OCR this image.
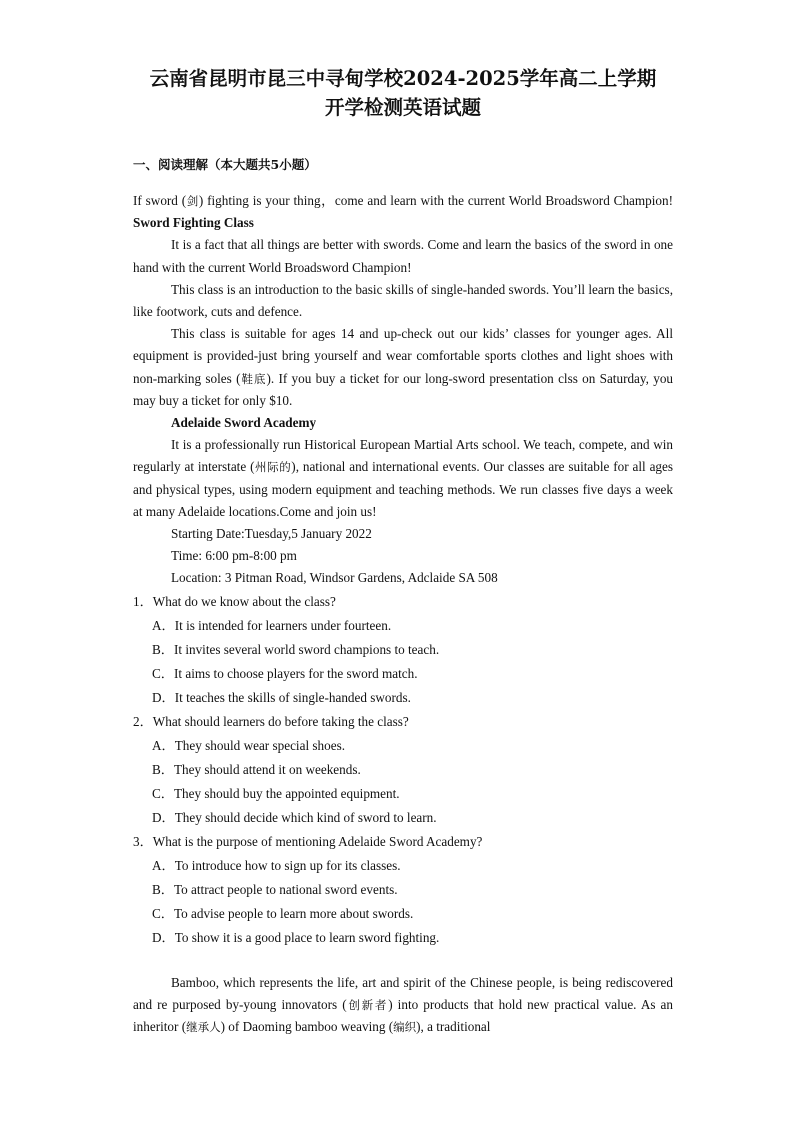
云南省昆明市昆三中寻甸学校2024-2025学年高二上学期
开学检测英语试题
一、阅读理解（本大题共5小题）

If sword (剑) fighting is your thing，come and learn with the current World Broadsword Champion! Sword Fighting Class

It is a fact that all things are better with swords. Come and learn the basics of the sword in one hand with the current World Broadsword Champion!

This class is an introduction to the basic skills of single-handed swords. You’ll learn the basics, like footwork, cuts and defence.

This class is suitable for ages 14 and up-check out our kids’ classes for younger ages. All equipment is provided-just bring yourself and wear comfortable sports clothes and light shoes with non-marking soles (鞋底). If you buy a ticket for our long-sword presentation clss on Saturday, you may buy a ticket for only $10.

Adelaide Sword Academy

It is a professionally run Historical European Martial Arts school. We teach, compete, and win regularly at interstate (州际的), national and international events. Our classes are suitable for all ages and physical types, using modern equipment and teaching methods. We run classes five days a week at many Adelaide locations.Come and join us!

Starting Date:Tuesday,5 January 2022

Time: 6:00 pm-8:00 pm

Location: 3 Pitman Road, Windsor Gardens, Adclaide SA 508

1．What do we know about the class?

A．It is intended for learners under fourteen.

B．It invites several world sword champions to teach.

C．It aims to choose players for the sword match.

D．It teaches the skills of single-handed swords.

2．What should learners do before taking the class?

A．They should wear special shoes.

B．They should attend it on weekends.

C．They should buy the appointed equipment.

D．They should decide which kind of sword to learn.

3．What is the purpose of mentioning Adelaide Sword Academy?

A．To introduce how to sign up for its classes.

B．To attract people to national sword events.

C．To advise people to learn more about swords.

D．To show it is a good place to learn sword fighting.

Bamboo, which represents the life, art and spirit of the Chinese people, is being rediscovered and re purposed by-young innovators (创新者) into products that hold new practical value. As an inheritor (继承人) of Daoming bamboo weaving (编织), a traditional
